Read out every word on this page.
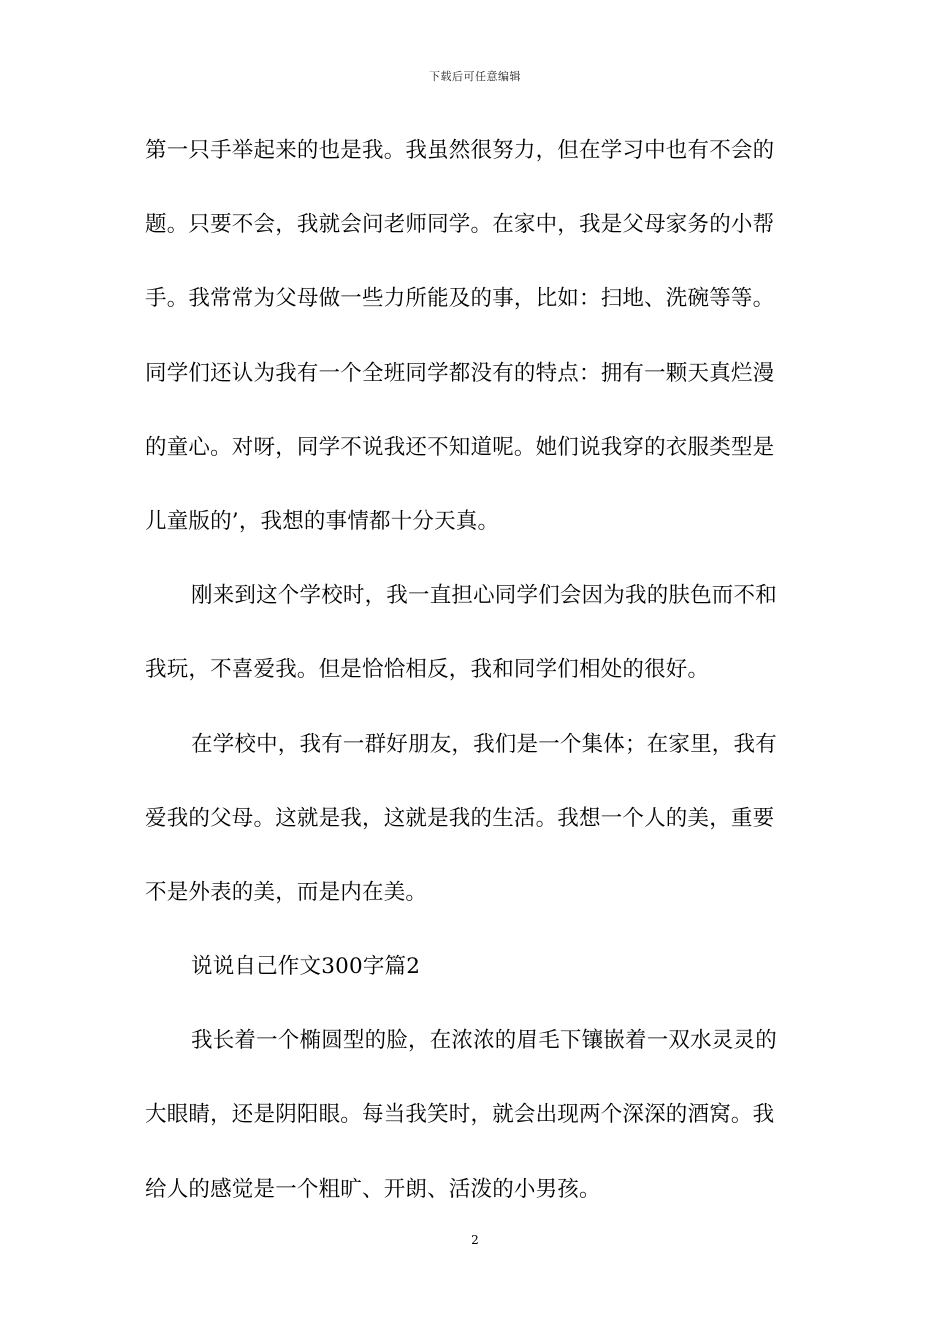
下载后可任意编辑
第一只手举起来的也是我。我虽然很努力，但在学习中也有不会的
题。只要不会，我就会问老师同学。在家中，我是父母家务的小帮
手。我常常为父母做一些力所能及的事，比如：扫地、洗碗等等。
同学们还认为我有一个全班同学都没有的特点：拥有一颗天真烂漫
的童心。对呀，同学不说我还不知道呢。她们说我穿的衣服类型是
儿童版的’，我想的事情都十分天真。
刚来到这个学校时，我一直担心同学们会因为我的肤色而不和
我玩，不喜爱我。但是恰恰相反，我和同学们相处的很好。
在学校中，我有一群好朋友，我们是一个集体；在家里，我有
爱我的父母。这就是我，这就是我的生活。我想一个人的美，重要
不是外表的美，而是内在美。
说说自己作文300字篇2
我长着一个椭圆型的脸，在浓浓的眉毛下镶嵌着一双水灵灵的
大眼睛，还是阴阳眼。每当我笑时，就会出现两个深深的酒窝。我
给人的感觉是一个粗旷、开朗、活泼的小男孩。
2
